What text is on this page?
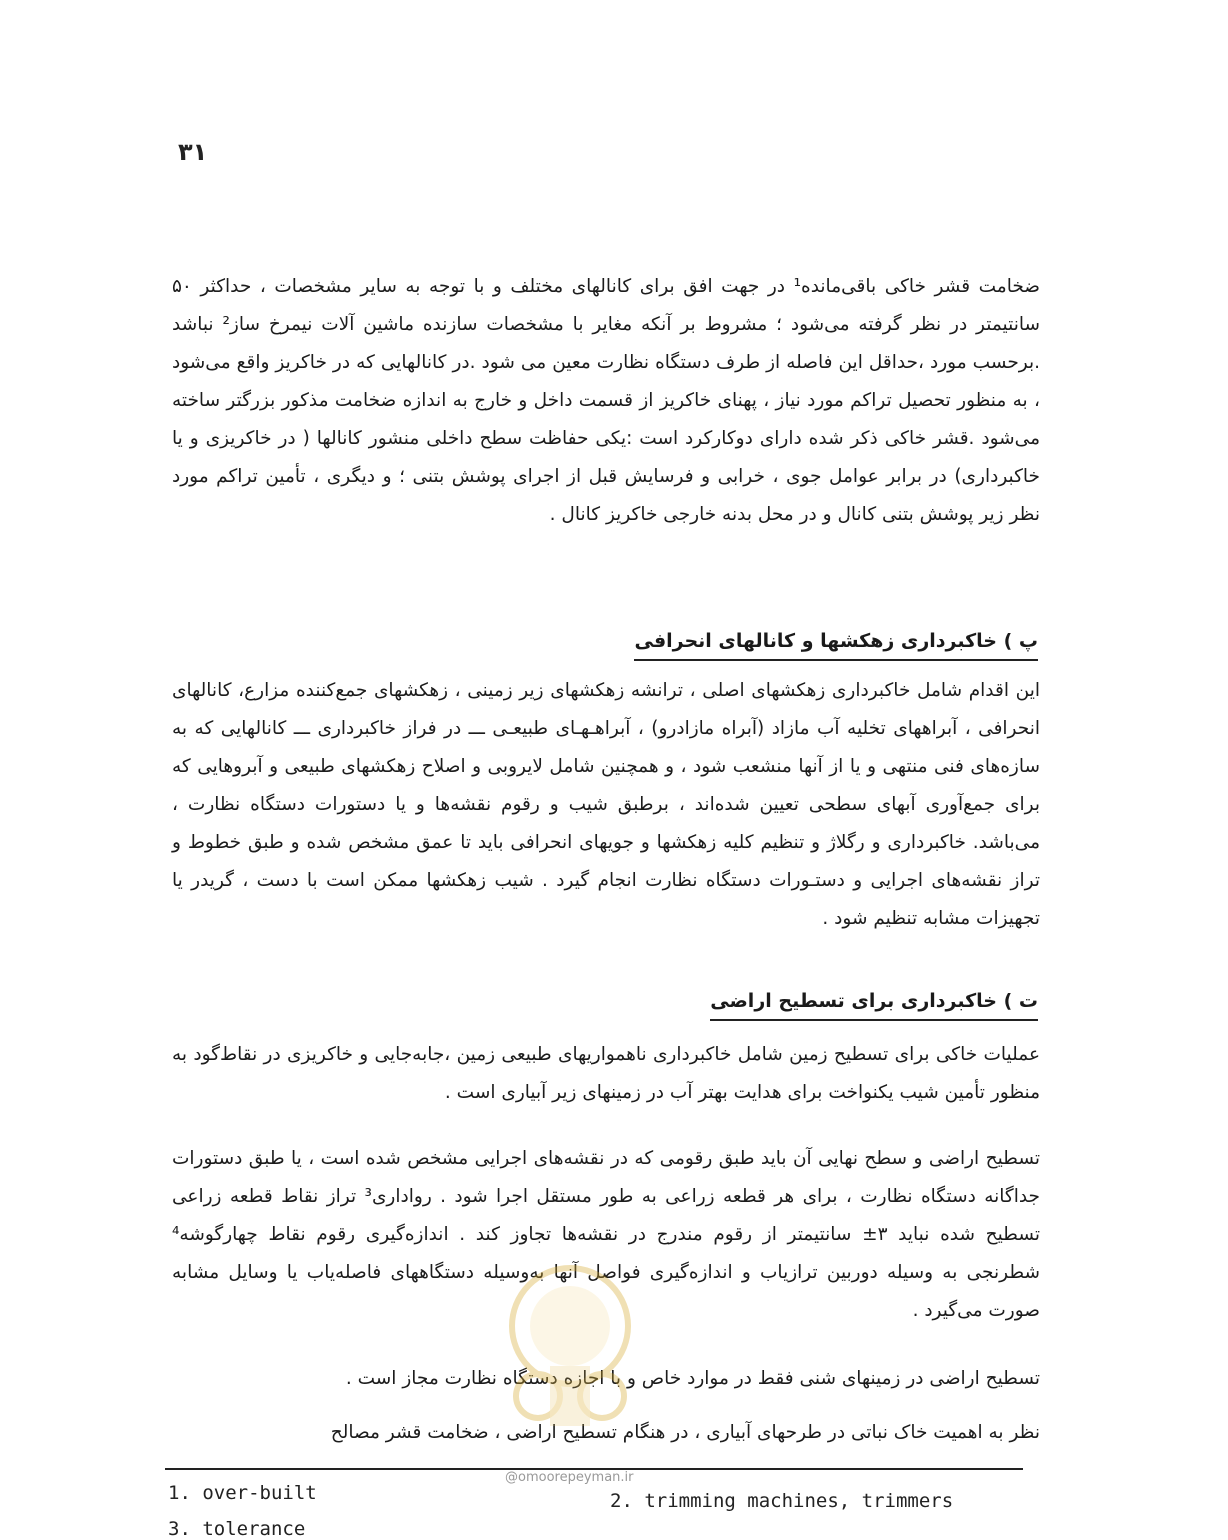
۳۱

ضخامت قشر خاکی باقی‌مانده¹ در جهت افق برای کانالهای مختلف و با توجه به سایر مشخصات ، حداکثر ۵۰ سانتیمتر در نظر گرفته می‌شود ؛ مشروط بر آنکه مغایر با مشخصات سازنده ماشین آلات نیمرخ ساز² نباشد .برحسب مورد ،حداقل این فاصله از طرف دستگاه نظارت معین می شود .در کانالهایی که در خاکریز واقع می‌شود ، به منظور تحصیل تراکم مورد نیاز ، پهنای خاکریز از قسمت داخل و خارج به اندازه ضخامت مذکور بزرگتر ساخته می‌شود .قشر خاکی ذکر شده دارای دوکارکرد است :یکی حفاظت سطح داخلی منشور کانالها ( در خاکریزی و یا خاکبرداری) در برابر عوامل جوی ، خرابی و فرسایش قبل از اجرای پوشش بتنی ؛ و دیگری ، تأمین تراکم مورد نظر زیر پوشش بتنی کانال و در محل بدنه خارجی خاکریز کانال .

پ ) خاکبرداری زهکشها و کانالهای انحرافی

این اقدام شامل خاکبرداری زهکشهای اصلی ، ترانشه زهکشهای زیر زمینی ، زهکشهای جمع‌کننده مزارع، کانالهای انحرافی ، آبراههای تخلیه آب مازاد (آبراه مازادرو) ، آبراهـهـای طبیعـی ـــ در فراز خاکبرداری ـــ کانالهایی که به سازه‌های فنی منتهی و یا از آنها منشعب شود ، و همچنین شامل لایروبی و اصلاح زهکشهای طبیعی و آبروهایی که برای جمع‌آوری آبهای سطحی تعیین شده‌اند ، برطبق شیب و رقوم نقشه‌ها و یا دستورات دستگاه نظارت ، می‌باشد. خاکبرداری و رگلاژ و تنظیم کلیه زهکشها و جویهای انحرافی باید تا عمق مشخص شده و طبق خطوط و تراز نقشه‌های اجرایی و دستـورات دستگاه نظارت انجام گیرد . شیب زهکشها ممکن است با دست ، گریدر یا تجهیزات مشابه تنظیم شود .

ت ) خاکبرداری برای تسطیح اراضی

عملیات خاکی برای تسطیح زمین شامل خاکبرداری ناهمواریهای طبیعی زمین ،جابه‌جایی و خاکریزی در نقاط‌گود به منظور تأمین شیب یکنواخت برای هدایت بهتر آب در زمینهای زیر آبیاری است .

تسطیح اراضی و سطح نهایی آن باید طبق رقومی که در نقشه‌های اجرایی مشخص شده است ، یا طبق دستورات جداگانه دستگاه نظارت ، برای هر قطعه زراعی به طور مستقل اجرا شود . رواداری³ تراز نقاط قطعه زراعی تسطیح شده نباید ۳± سانتیمتر از رقوم مندرج در نقشه‌ها تجاوز کند . اندازه‌گیری رقوم نقاط چهارگوشه⁴ شطرنجی به وسیله دوربین ترازیاب و اندازه‌گیری فواصل آنها به‌وسیله دستگاههای فاصله‌یاب یا وسایل مشابه صورت می‌گیرد .

تسطیح اراضی در زمینهای شنی فقط در موارد خاص و با اجازه دستگاه نظارت مجاز است .

نظر به اهمیت خاک نباتی در طرحهای آبیاری ، در هنگام تسطیح اراضی ، ضخامت قشر مصالح

@omoorepeyman.ir
1. over-built	2. trimming machines, trimmers
3. tolerance
